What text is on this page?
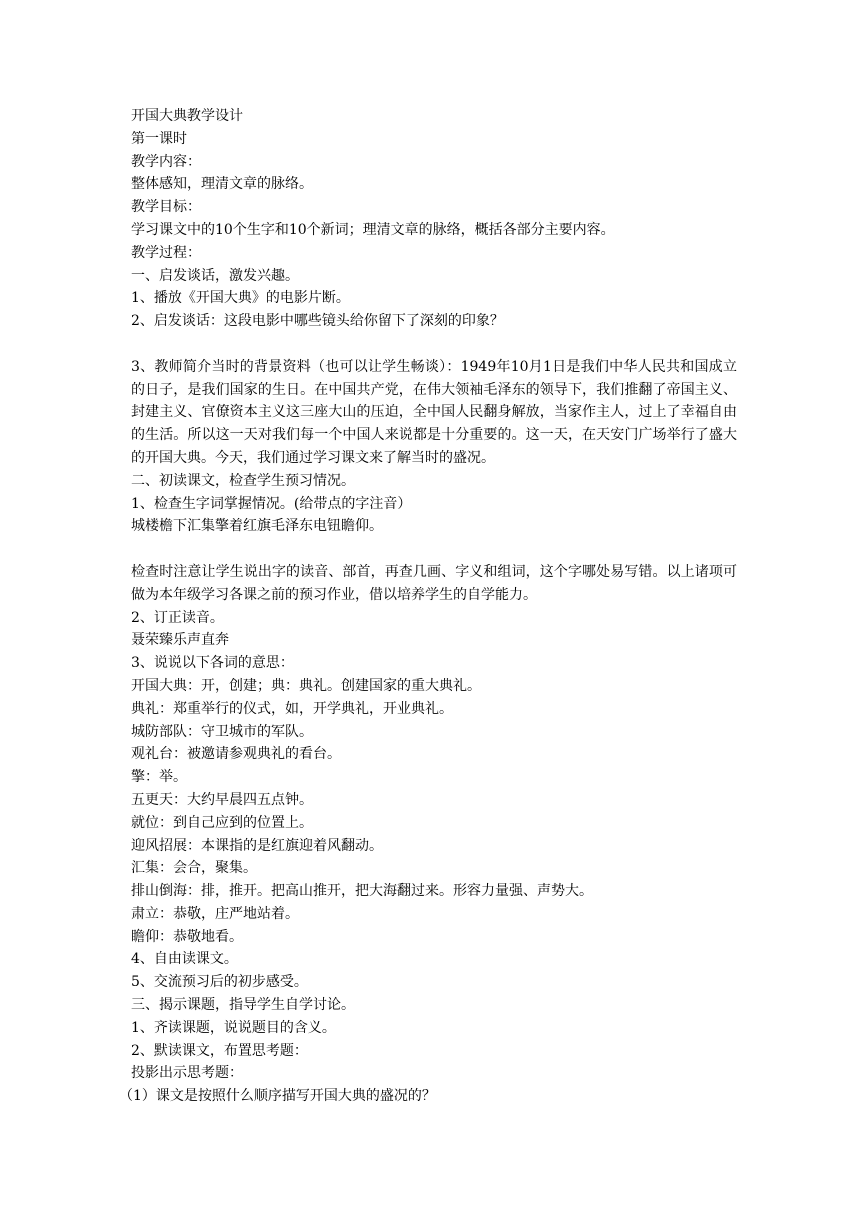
开国大典教学设计

第一课时

教学内容：

整体感知，理清文章的脉络。

教学目标：

学习课文中的10个生字和10个新词；理清文章的脉络，概括各部分主要内容。

教学过程：

一、启发谈话，激发兴趣。

1、播放《开国大典》的电影片断。

2、启发谈话：这段电影中哪些镜头给你留下了深刻的印象？

3、教师简介当时的背景资料（也可以让学生畅谈）：1949年10月1日是我们中华人民共和国成立的日子，是我们国家的生日。在中国共产党，在伟大领袖毛泽东的领导下，我们推翻了帝国主义、封建主义、官僚资本主义这三座大山的压迫，全中国人民翻身解放，当家作主人，过上了幸福自由的生活。所以这一天对我们每一个中国人来说都是十分重要的。这一天，在天安门广场举行了盛大的开国大典。今天，我们通过学习课文来了解当时的盛况。

二、初读课文，检查学生预习情况。

1、检查生字词掌握情况。(给带点的字注音）

城楼檐下汇集擎着红旗毛泽东电钮瞻仰。

检查时注意让学生说出字的读音、部首，再查几画、字义和组词，这个字哪处易写错。以上诸项可做为本年级学习各课之前的预习作业，借以培养学生的自学能力。

2、订正读音。

聂荣臻乐声直奔

3、说说以下各词的意思：

开国大典：开，创建；典：典礼。创建国家的重大典礼。

典礼：郑重举行的仪式，如，开学典礼，开业典礼。

城防部队：守卫城市的军队。

观礼台：被邀请参观典礼的看台。

擎：举。

五更天：大约早晨四五点钟。

就位：到自己应到的位置上。

迎风招展：本课指的是红旗迎着风翻动。

汇集：会合，聚集。

排山倒海：排，推开。把高山推开，把大海翻过来。形容力量强、声势大。

肃立：恭敬，庄严地站着。

瞻仰：恭敬地看。

4、自由读课文。

5、交流预习后的初步感受。

三、揭示课题，指导学生自学讨论。

1、齐读课题，说说题目的含义。

2、默读课文，布置思考题：

投影出示思考题：

（1）课文是按照什么顺序描写开国大典的盛况的？
